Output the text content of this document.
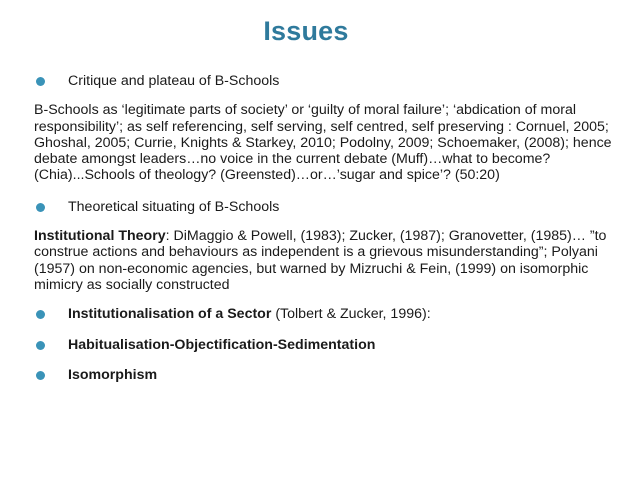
Issues

Critique and plateau of B-Schools

B-Schools as ‘legitimate parts of society’ or ‘guilty of moral failure’; ‘abdication of moral responsibility’; as self referencing, self serving, self centred, self preserving : Cornuel, 2005; Ghoshal, 2005; Currie, Knights & Starkey, 2010; Podolny, 2009; Schoemaker, (2008); hence debate amongst leaders…no voice in the current debate (Muff)…what to become? (Chia)...Schools of theology? (Greensted)…or…’sugar and spice’? (50:20)

Theoretical situating of B-Schools

Institutional Theory: DiMaggio & Powell, (1983); Zucker, (1987); Granovetter, (1985)… ”to construe actions and behaviours as independent is a grievous misunderstanding”; Polyani (1957) on non-economic agencies, but warned by Mizruchi & Fein, (1999) on isomorphic mimicry as socially constructed

Institutionalisation of a Sector (Tolbert & Zucker, 1996):

Habitualisation-Objectification-Sedimentation

Isomorphism
